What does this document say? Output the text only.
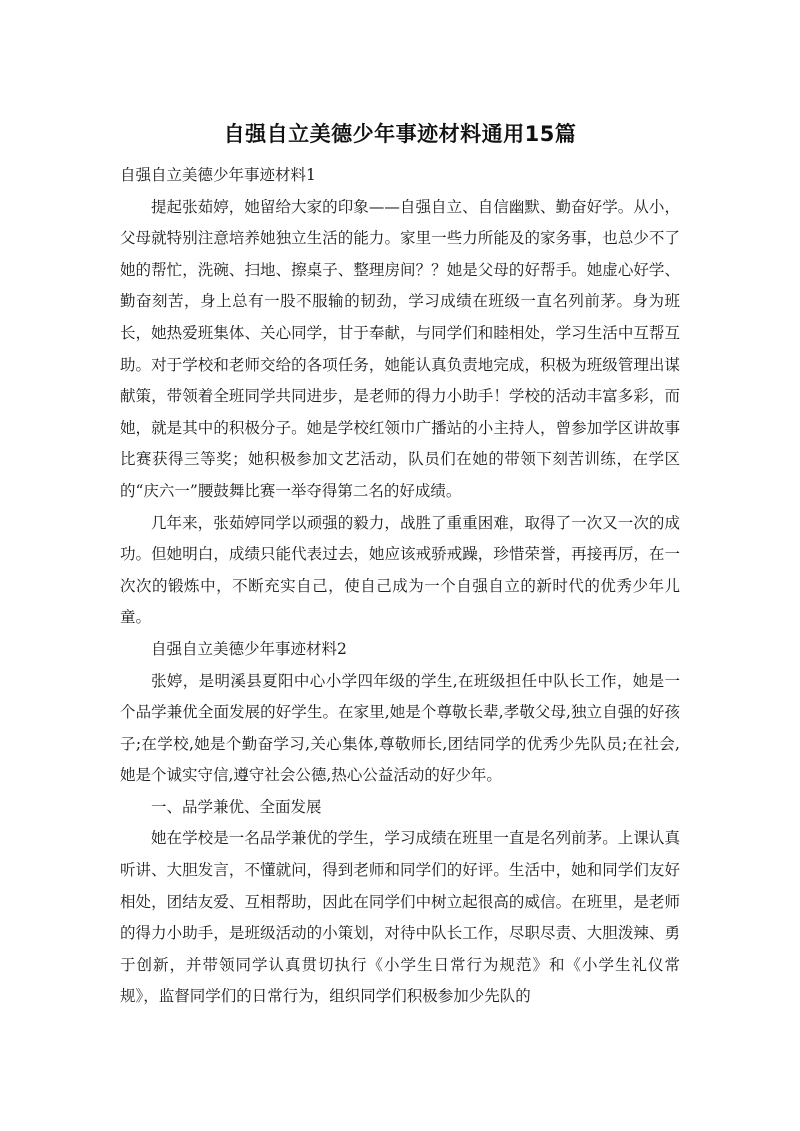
自强自立美德少年事迹材料通用15篇

自强自立美德少年事迹材料1

提起张茹婷，她留给大家的印象——自强自立、自信幽默、勤奋好学。从小，父母就特别注意培养她独立生活的能力。家里一些力所能及的家务事，也总少不了她的帮忙，洗碗、扫地、擦桌子、整理房间？？她是父母的好帮手。她虚心好学、勤奋刻苦，身上总有一股不服输的韧劲，学习成绩在班级一直名列前茅。身为班长，她热爱班集体、关心同学，甘于奉献，与同学们和睦相处，学习生活中互帮互助。对于学校和老师交给的各项任务，她能认真负责地完成，积极为班级管理出谋献策，带领着全班同学共同进步，是老师的得力小助手！学校的活动丰富多彩，而她，就是其中的积极分子。她是学校红领巾广播站的小主持人，曾参加学区讲故事比赛获得三等奖；她积极参加文艺活动，队员们在她的带领下刻苦训练，在学区的“庆六一”腰鼓舞比赛一举夺得第二名的好成绩。

几年来，张茹婷同学以顽强的毅力，战胜了重重困难，取得了一次又一次的成功。但她明白，成绩只能代表过去，她应该戒骄戒躁，珍惜荣誉，再接再厉，在一次次的锻炼中，不断充实自己，使自己成为一个自强自立的新时代的优秀少年儿童。

自强自立美德少年事迹材料2

张婷，是明溪县夏阳中心小学四年级的学生,在班级担任中队长工作，她是一个品学兼优全面发展的好学生。在家里,她是个尊敬长辈,孝敬父母,独立自强的好孩子;在学校,她是个勤奋学习,关心集体,尊敬师长,团结同学的优秀少先队员;在社会,她是个诚实守信,遵守社会公德,热心公益活动的好少年。

一、品学兼优、全面发展

她在学校是一名品学兼优的学生，学习成绩在班里一直是名列前茅。上课认真听讲、大胆发言，不懂就问，得到老师和同学们的好评。生活中，她和同学们友好相处，团结友爱、互相帮助，因此在同学们中树立起很高的威信。在班里，是老师的得力小助手，是班级活动的小策划，对待中队长工作，尽职尽责、大胆泼辣、勇于创新，并带领同学认真贯切执行《小学生日常行为规范》和《小学生礼仪常规》，监督同学们的日常行为，组织同学们积极参加少先队的
